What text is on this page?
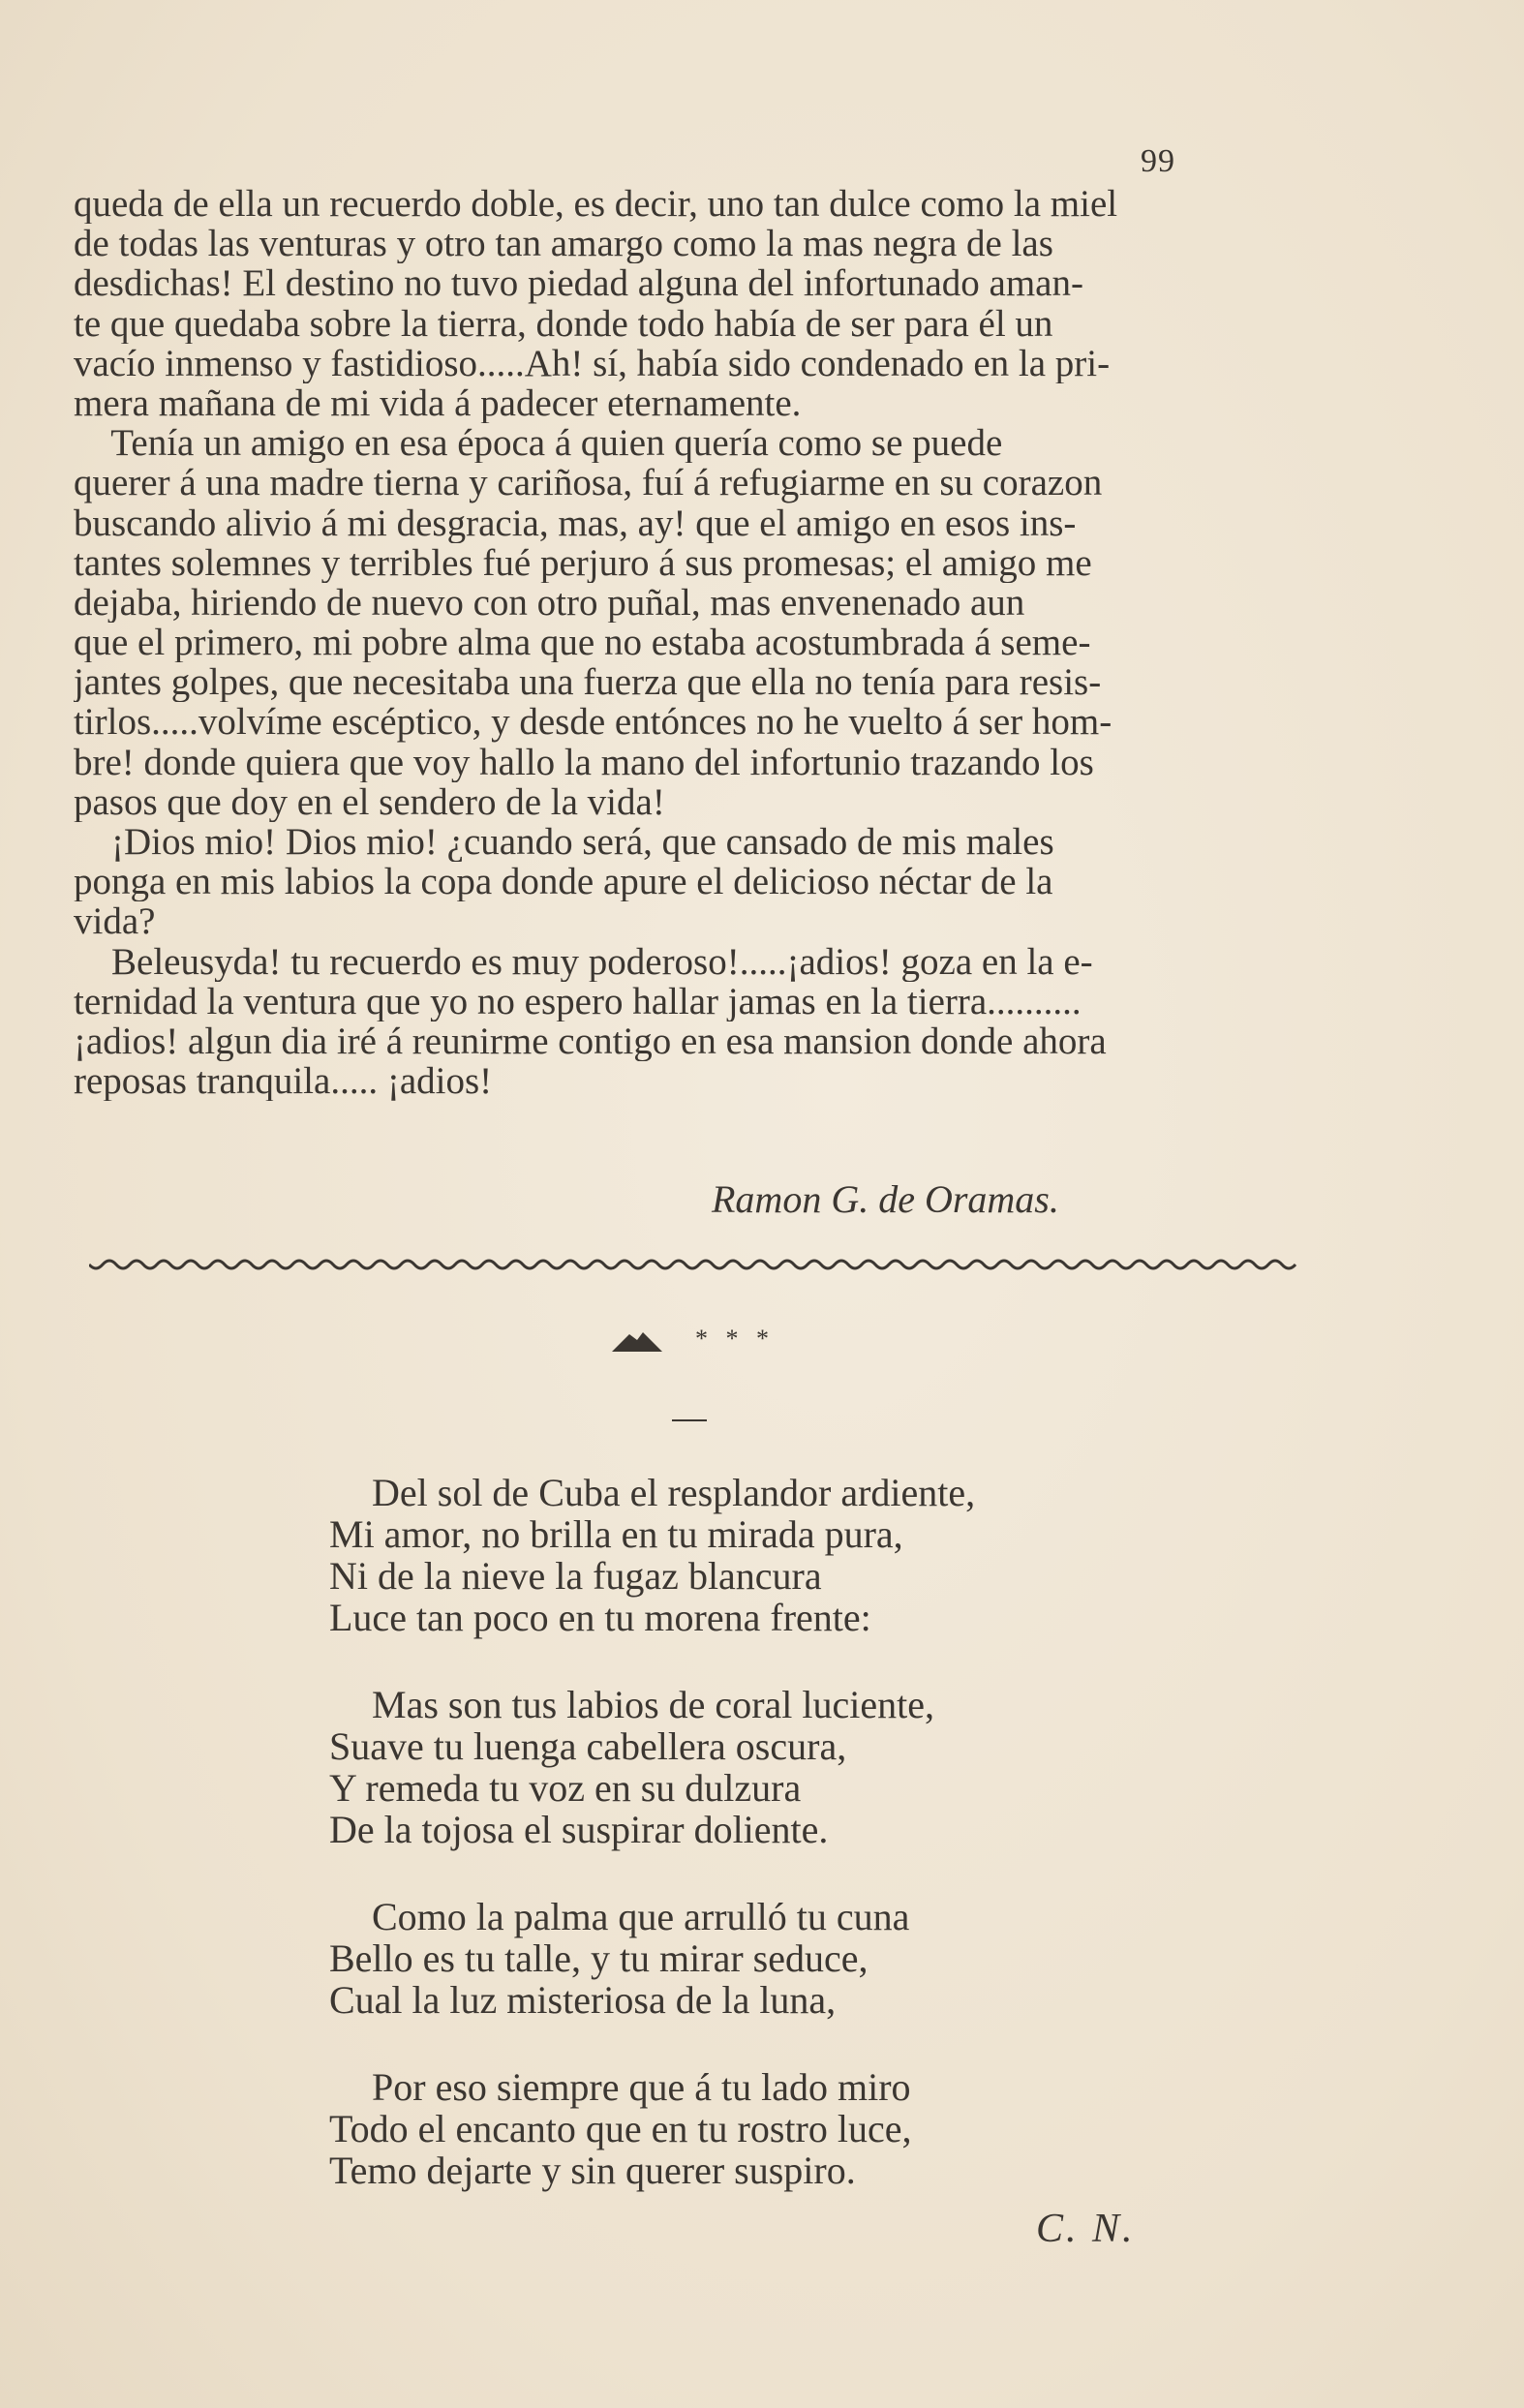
99
queda de ella un recuerdo doble, es decir, uno tan dulce como la miel
de todas las venturas y otro tan amargo como la mas negra de las
desdichas! El destino no tuvo piedad alguna del infortunado aman-
te que quedaba sobre la tierra, donde todo había de ser para él un
vacío inmenso y fastidioso.....Ah! sí, había sido condenado en la pri-
mera mañana de mi vida á padecer eternamente.
Tenía un amigo en esa época á quien quería como se puede
querer á una madre tierna y cariñosa, fuí á refugiarme en su corazon
buscando alivio á mi desgracia, mas, ay! que el amigo en esos ins-
tantes solemnes y terribles fué perjuro á sus promesas; el amigo me
dejaba, hiriendo de nuevo con otro puñal, mas envenenado aun
que el primero, mi pobre alma que no estaba acostumbrada á seme-
jantes golpes, que necesitaba una fuerza que ella no tenía para resis-
tirlos.....volvíme escéptico, y desde entónces no he vuelto á ser hom-
bre! donde quiera que voy hallo la mano del infortunio trazando los
pasos que doy en el sendero de la vida!
¡Dios mio! Dios mio! ¿cuando será, que cansado de mis males
ponga en mis labios la copa donde apure el delicioso néctar de la
vida?
Beleusyda! tu recuerdo es muy poderoso!.....¡adios! goza en la e-
ternidad la ventura que yo no espero hallar jamas en la tierra..........
¡adios! algun dia iré á reunirme contigo en esa mansion donde ahora
reposas tranquila..... ¡adios!
Ramon G. de Oramas.
* * *
Del sol de Cuba el resplandor ardiente,
Mi amor, no brilla en tu mirada pura,
Ni de la nieve la fugaz blancura
Luce tan poco en tu morena frente:
Mas son tus labios de coral luciente,
Suave tu luenga cabellera oscura,
Y remeda tu voz en su dulzura
De la tojosa el suspirar doliente.
Como la palma que arrulló tu cuna
Bello es tu talle, y tu mirar seduce,
Cual la luz misteriosa de la luna,
Por eso siempre que á tu lado miro
Todo el encanto que en tu rostro luce,
Temo dejarte y sin querer suspiro.
C. N.
